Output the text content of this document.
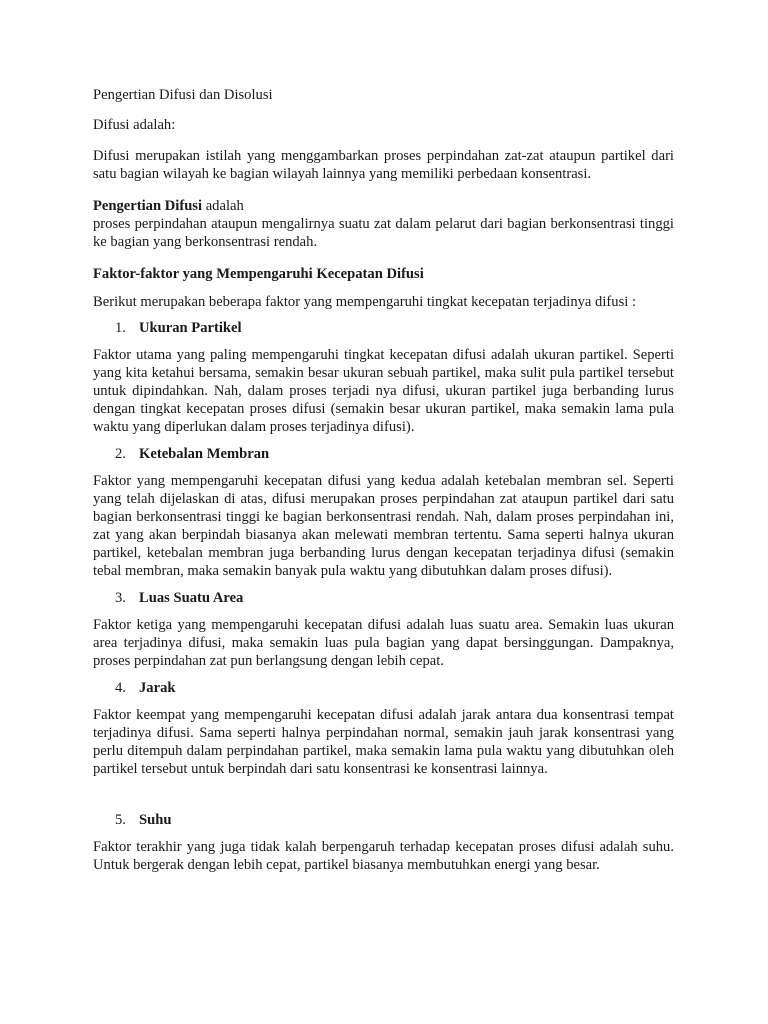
Pengertian Difusi dan Disolusi

Difusi adalah:

Difusi merupakan istilah yang menggambarkan proses perpindahan zat-zat ataupun partikel dari satu bagian wilayah ke bagian wilayah lainnya yang memiliki perbedaan konsentrasi.

Pengertian Difusi adalah

proses perpindahan ataupun mengalirnya suatu zat dalam pelarut dari bagian berkonsentrasi tinggi ke bagian yang berkonsentrasi rendah.

Faktor-faktor yang Mempengaruhi Kecepatan Difusi

Berikut merupakan beberapa faktor yang mempengaruhi tingkat kecepatan terjadinya difusi :

1. Ukuran Partikel

Faktor utama yang paling mempengaruhi tingkat kecepatan difusi adalah ukuran partikel. Seperti yang kita ketahui bersama, semakin besar ukuran sebuah partikel, maka sulit pula partikel tersebut untuk dipindahkan. Nah, dalam proses terjadi nya difusi, ukuran partikel juga berbanding lurus dengan tingkat kecepatan proses difusi (semakin besar ukuran partikel, maka semakin lama pula waktu yang diperlukan dalam proses terjadinya difusi).

2. Ketebalan Membran

Faktor yang mempengaruhi kecepatan difusi yang kedua adalah ketebalan membran sel. Seperti yang telah dijelaskan di atas, difusi merupakan proses perpindahan zat ataupun partikel dari satu bagian berkonsentrasi tinggi ke bagian berkonsentrasi rendah. Nah, dalam proses perpindahan ini, zat yang akan berpindah biasanya akan melewati membran tertentu. Sama seperti halnya ukuran partikel, ketebalan membran juga berbanding lurus dengan kecepatan terjadinya difusi (semakin tebal membran, maka semakin banyak pula waktu yang dibutuhkan dalam proses difusi).

3. Luas Suatu Area

Faktor ketiga yang mempengaruhi kecepatan difusi adalah luas suatu area. Semakin luas ukuran area terjadinya difusi, maka semakin luas pula bagian yang dapat bersinggungan. Dampaknya, proses perpindahan zat pun berlangsung dengan lebih cepat.

4. Jarak

Faktor keempat yang mempengaruhi kecepatan difusi adalah jarak antara dua konsentrasi tempat terjadinya difusi. Sama seperti halnya perpindahan normal, semakin jauh jarak konsentrasi yang perlu ditempuh dalam perpindahan partikel, maka semakin lama pula waktu yang dibutuhkan oleh partikel tersebut untuk berpindah dari satu konsentrasi ke konsentrasi lainnya.

5. Suhu

Faktor terakhir yang juga tidak kalah berpengaruh terhadap kecepatan proses difusi adalah suhu. Untuk bergerak dengan lebih cepat, partikel biasanya membutuhkan energi yang besar.
